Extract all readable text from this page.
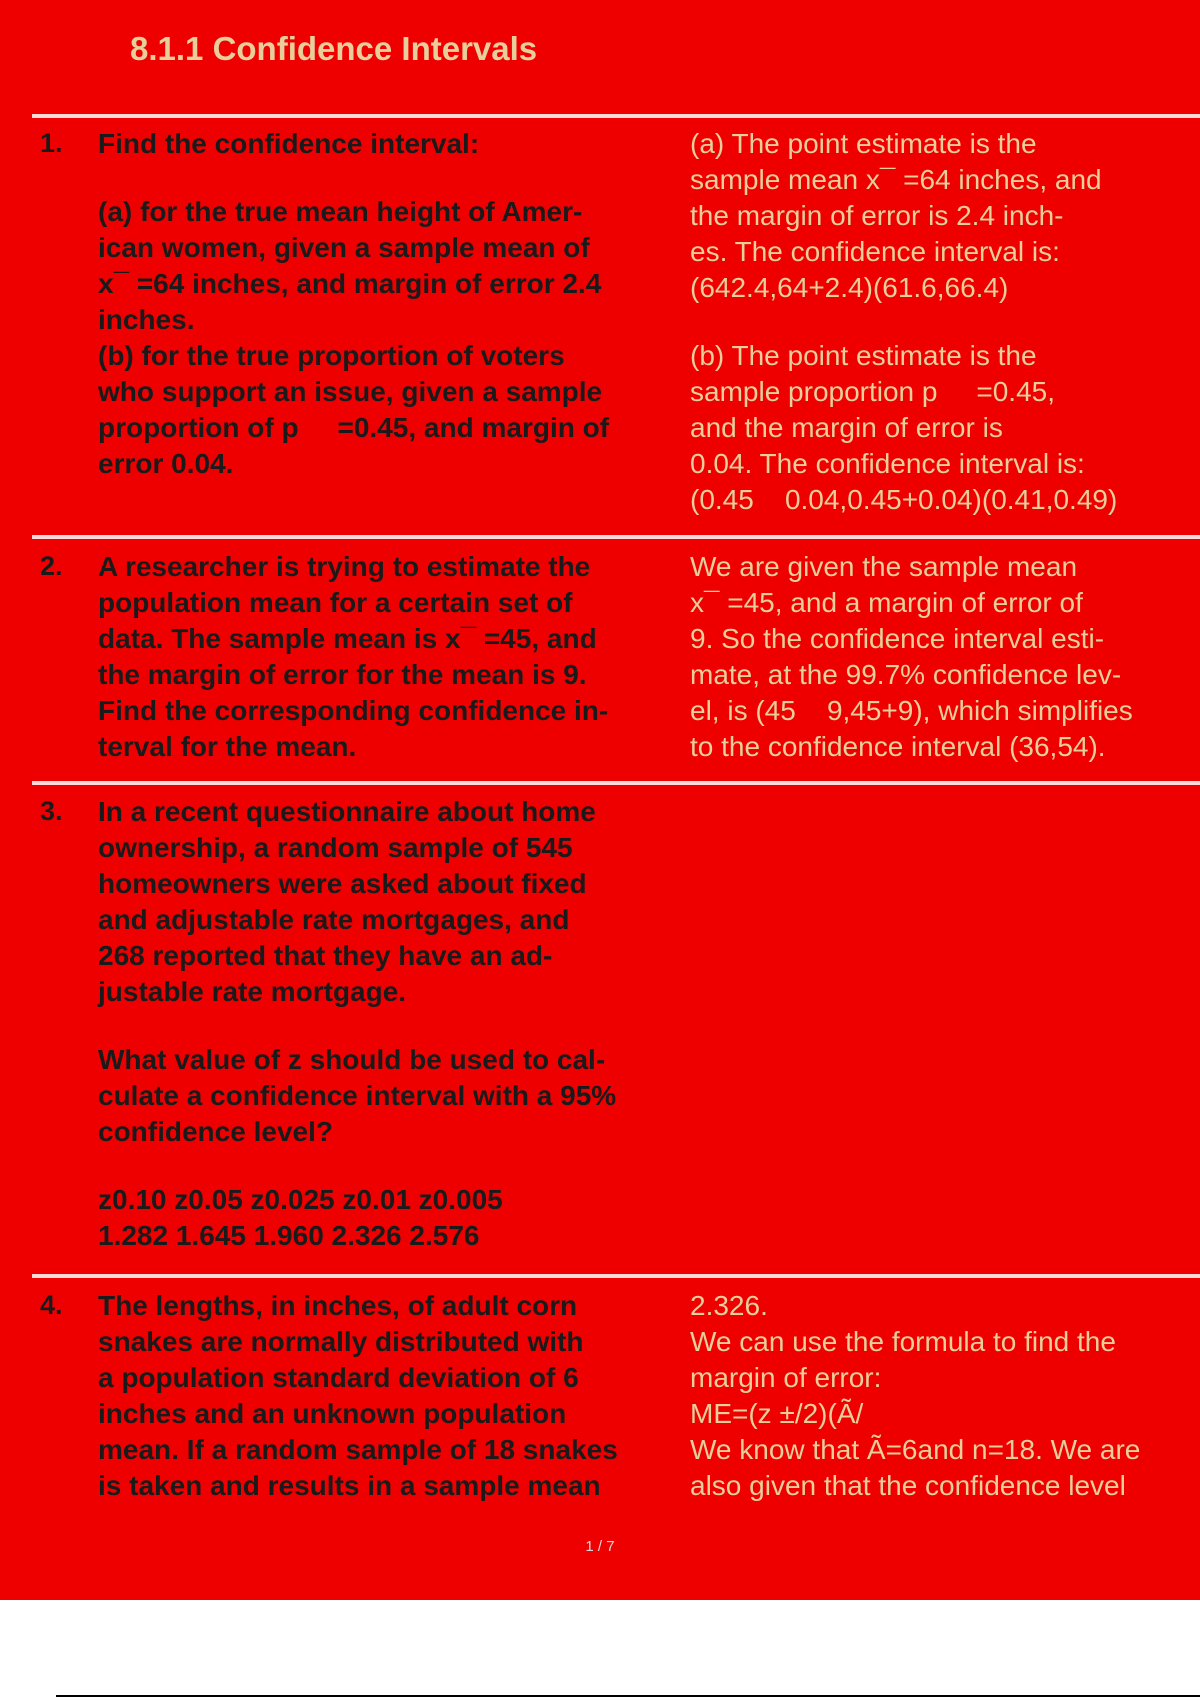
8.1.1 Confidence Intervals
1. Find the confidence interval:
(a) for the true mean height of Amer-
ican women, given a sample mean of
x¯ =64 inches, and margin of error 2.4
inches.
(b) for the true proportion of voters
who support an issue, given a sample
proportion of p     =0.45, and margin of
error 0.04.
(a) The point estimate is the
sample mean x¯ =64 inches, and
the margin of error is 2.4 inch-
es. The confidence interval is:
(642.4,64+2.4)(61.6,66.4)
(b) The point estimate is the
sample proportion p     =0.45,
and the margin of error is
0.04. The confidence interval is:
(0.45    0.04,0.45+0.04)(0.41,0.49)
2. A researcher is trying to estimate the
population mean for a certain set of
data. The sample mean is x¯ =45, and
the margin of error for the mean is 9.
Find the corresponding confidence in-
terval for the mean.
We are given the sample mean
x¯ =45, and a margin of error of
9. So the confidence interval esti-
mate, at the 99.7% confidence lev-
el, is (45    9,45+9), which simplifies
to the confidence interval (36,54).
3. In a recent questionnaire about home
ownership, a random sample of 545
homeowners were asked about fixed
and adjustable rate mortgages, and
268 reported that they have an ad-
justable rate mortgage.
What value of z should be used to cal-
culate a confidence interval with a 95%
confidence level?
z0.10 z0.05 z0.025 z0.01 z0.005
1.282 1.645 1.960 2.326 2.576
4. The lengths, in inches, of adult corn
snakes are normally distributed with
a population standard deviation of 6
inches and an unknown population
mean. If a random sample of 18 snakes
is taken and results in a sample mean
2.326.
We can use the formula to find the
margin of error:
ME=(z ±/2)(Ã/
We know that Ã=6and n=18. We are
also given that the confidence level
1 / 7
